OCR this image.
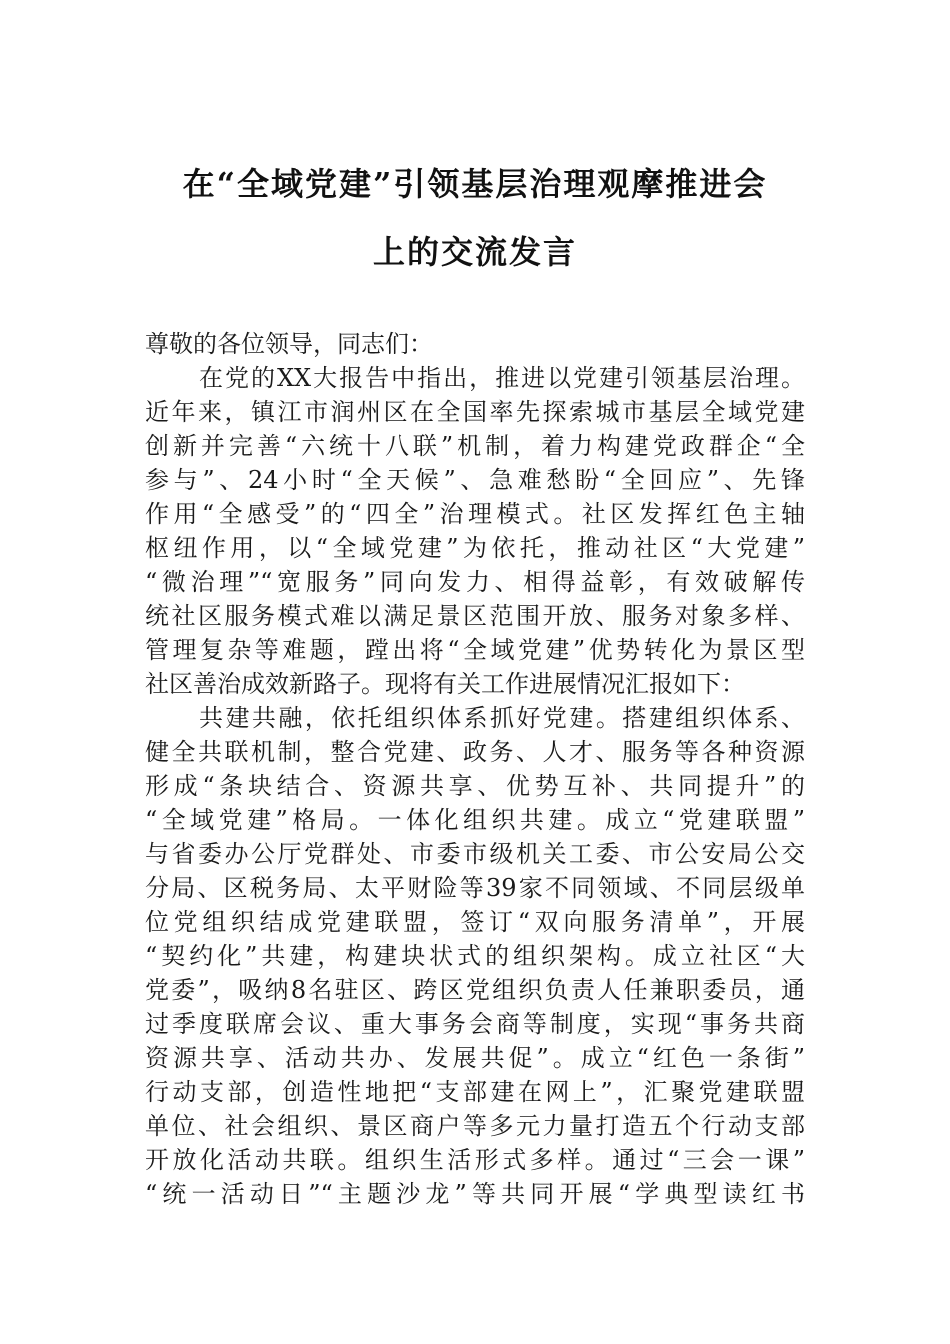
在“全域党建”引领基层治理观摩推进会
上的交流发言
尊敬的各位领导，同志们：
在党的XX大报告中指出，推进以党建引领基层治理。
近年来，镇江市润州区在全国率先探索城市基层全域党建
创新并完善“六统十八联”机制，着力构建党政群企“全
参与”、24小时“全天候”、急难愁盼“全回应”、先锋
作用“全感受”的“四全”治理模式。社区发挥红色主轴
枢纽作用，以“全域党建”为依托，推动社区“大党建”
“微治理”“宽服务”同向发力、相得益彰，有效破解传
统社区服务模式难以满足景区范围开放、服务对象多样、
管理复杂等难题，蹚出将“全域党建”优势转化为景区型
社区善治成效新路子。现将有关工作进展情况汇报如下：
共建共融，依托组织体系抓好党建。搭建组织体系、
健全共联机制，整合党建、政务、人才、服务等各种资源
形成“条块结合、资源共享、优势互补、共同提升”的
“全域党建”格局。一体化组织共建。成立“党建联盟”
与省委办公厅党群处、市委市级机关工委、市公安局公交
分局、区税务局、太平财险等39家不同领域、不同层级单
位党组织结成党建联盟，签订“双向服务清单”，开展
“契约化”共建，构建块状式的组织架构。成立社区“大
党委”，吸纳8名驻区、跨区党组织负责人任兼职委员，通
过季度联席会议、重大事务会商等制度，实现“事务共商
资源共享、活动共办、发展共促”。成立“红色一条街”
行动支部，创造性地把“支部建在网上”，汇聚党建联盟
单位、社会组织、景区商户等多元力量打造五个行动支部
开放化活动共联。组织生活形式多样。通过“三会一课”
“统一活动日”“主题沙龙”等共同开展“学典型读红书
